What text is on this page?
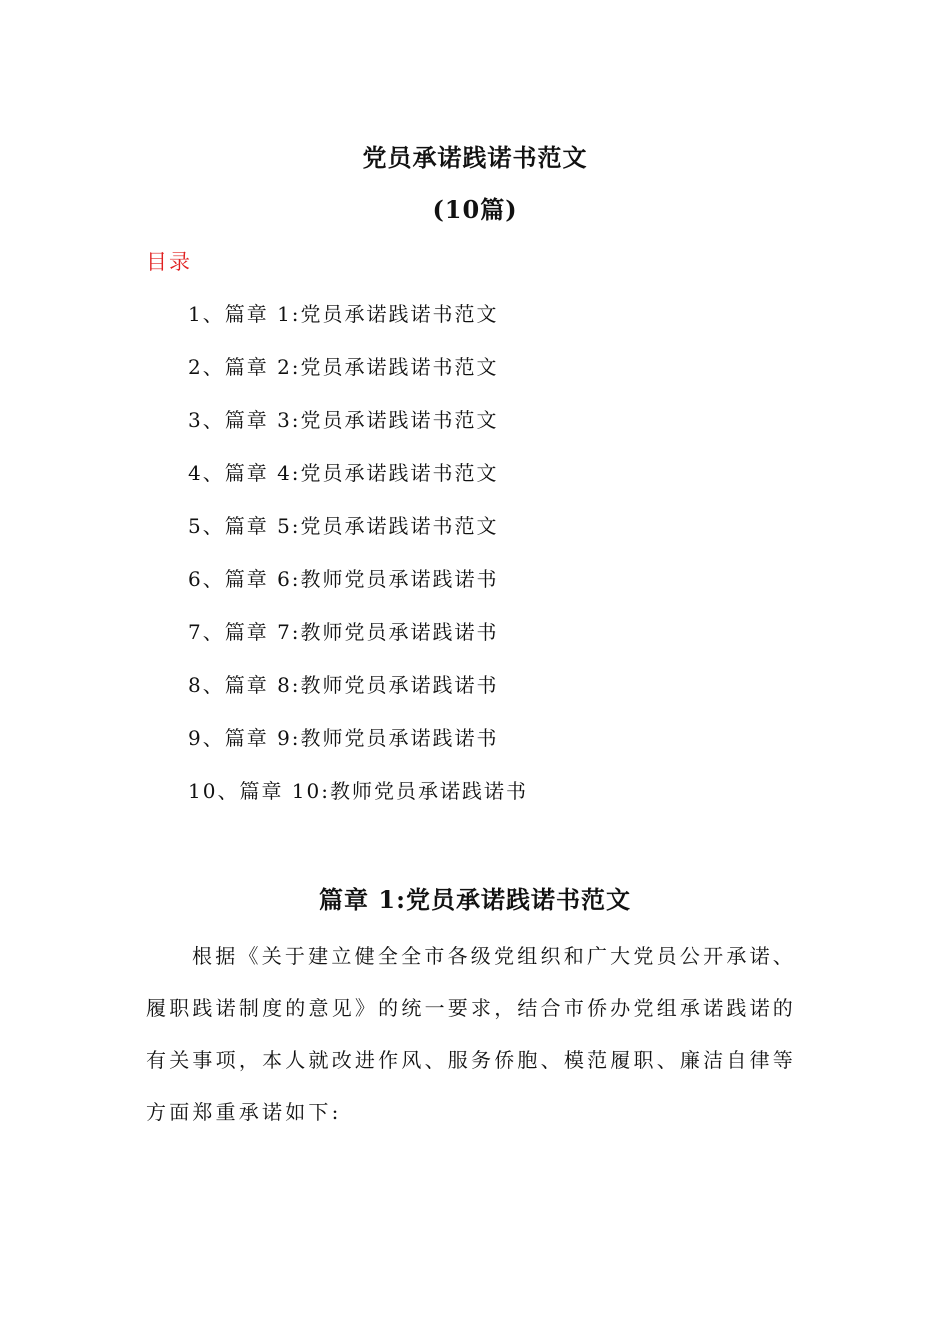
党员承诺践诺书范文
(10篇)
目录
1、篇章 1:党员承诺践诺书范文
2、篇章 2:党员承诺践诺书范文
3、篇章 3:党员承诺践诺书范文
4、篇章 4:党员承诺践诺书范文
5、篇章 5:党员承诺践诺书范文
6、篇章 6:教师党员承诺践诺书
7、篇章 7:教师党员承诺践诺书
8、篇章 8:教师党员承诺践诺书
9、篇章 9:教师党员承诺践诺书
10、篇章 10:教师党员承诺践诺书
篇章 1:党员承诺践诺书范文

根据《关于建立健全全市各级党组织和广大党员公开承诺、履职践诺制度的意见》的统一要求，结合市侨办党组承诺践诺的有关事项，本人就改进作风、服务侨胞、模范履职、廉洁自律等方面郑重承诺如下:
